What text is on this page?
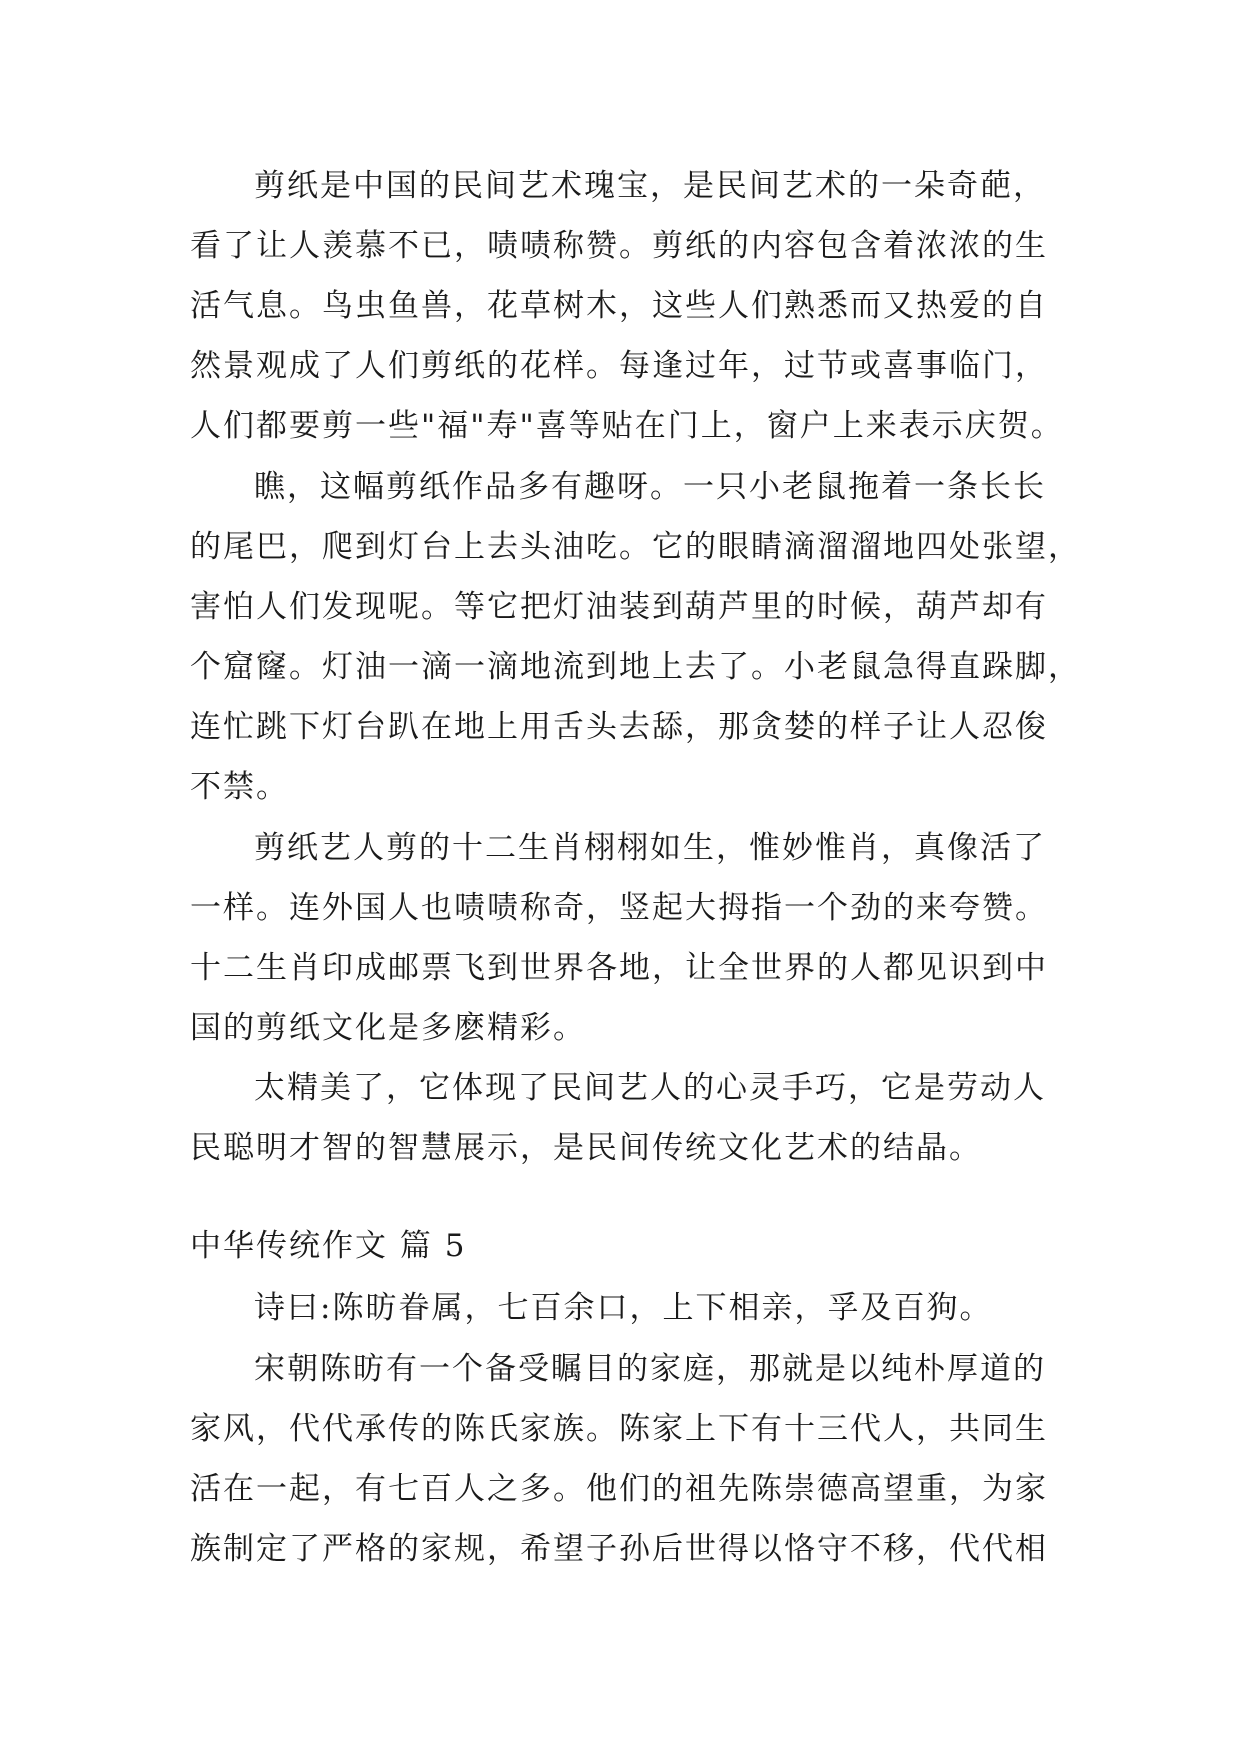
剪纸是中国的民间艺术瑰宝，是民间艺术的一朵奇葩，
看了让人羡慕不已，啧啧称赞。剪纸的内容包含着浓浓的生
活气息。鸟虫鱼兽，花草树木，这些人们熟悉而又热爱的自
然景观成了人们剪纸的花样。每逢过年，过节或喜事临门，
人们都要剪一些"福"寿"喜等贴在门上，窗户上来表示庆贺。
瞧，这幅剪纸作品多有趣呀。一只小老鼠拖着一条长长
的尾巴，爬到灯台上去头油吃。它的眼睛滴溜溜地四处张望，
害怕人们发现呢。等它把灯油装到葫芦里的时候，葫芦却有
个窟窿。灯油一滴一滴地流到地上去了。小老鼠急得直跺脚，
连忙跳下灯台趴在地上用舌头去舔，那贪婪的样子让人忍俊
不禁。
剪纸艺人剪的十二生肖栩栩如生，惟妙惟肖，真像活了
一样。连外国人也啧啧称奇，竖起大拇指一个劲的来夸赞。
十二生肖印成邮票飞到世界各地，让全世界的人都见识到中
国的剪纸文化是多麽精彩。
太精美了，它体现了民间艺人的心灵手巧，它是劳动人
民聪明才智的智慧展示，是民间传统文化艺术的结晶。
中华传统作文 篇 5
诗曰:陈昉眷属，七百余口，上下相亲，孚及百狗。
宋朝陈昉有一个备受瞩目的家庭，那就是以纯朴厚道的
家风，代代承传的陈氏家族。陈家上下有十三代人，共同生
活在一起，有七百人之多。他们的祖先陈崇德高望重，为家
族制定了严格的家规，希望子孙后世得以恪守不移，代代相
